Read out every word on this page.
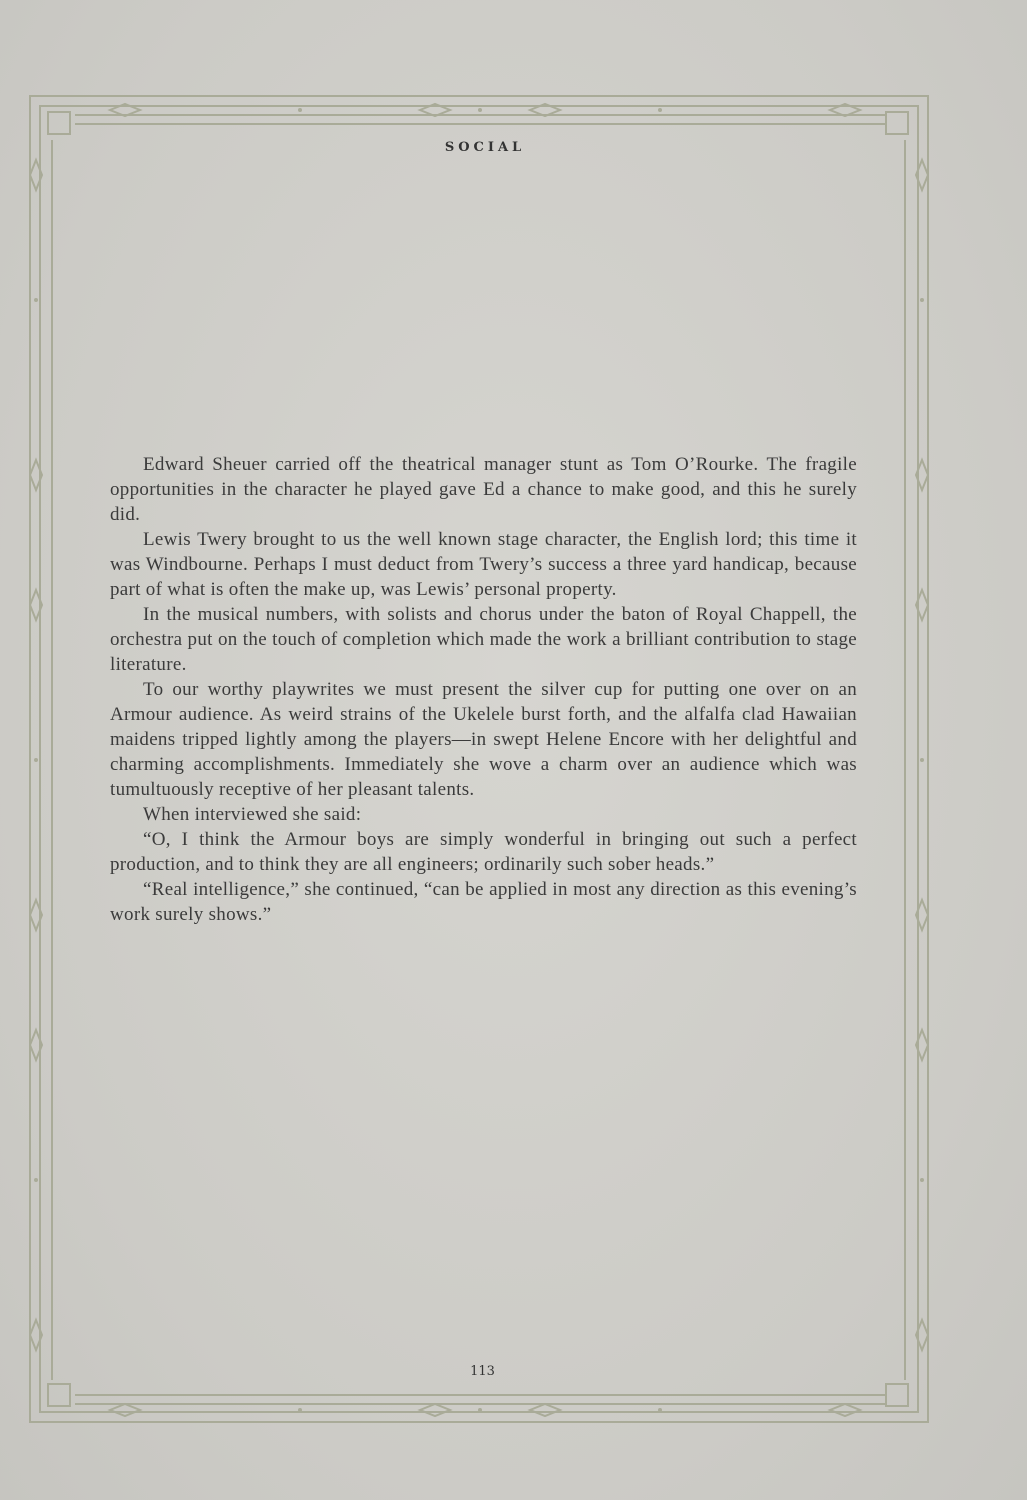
SOCIAL

Edward Sheuer carried off the theatrical manager stunt as Tom O’Rourke. The fragile opportunities in the character he played gave Ed a chance to make good, and this he surely did.

Lewis Twery brought to us the well known stage character, the English lord; this time it was Windbourne. Perhaps I must deduct from Twery’s success a three yard handicap, because part of what is often the make up, was Lewis’ personal property.

In the musical numbers, with solists and chorus under the baton of Royal Chappell, the orchestra put on the touch of completion which made the work a brilliant contribution to stage literature.

To our worthy playwrites we must present the silver cup for putting one over on an Armour audience. As weird strains of the Ukelele burst forth, and the alfalfa clad Hawaiian maidens tripped lightly among the players—in swept Helene Encore with her delightful and charming accomplishments. Immediately she wove a charm over an audience which was tumultuously receptive of her pleasant talents.

When interviewed she said:

“O, I think the Armour boys are simply wonderful in bringing out such a perfect production, and to think they are all engineers; ordinarily such sober heads.”

“Real intelligence,” she continued, “can be applied in most any direction as this evening’s work surely shows.”

113
